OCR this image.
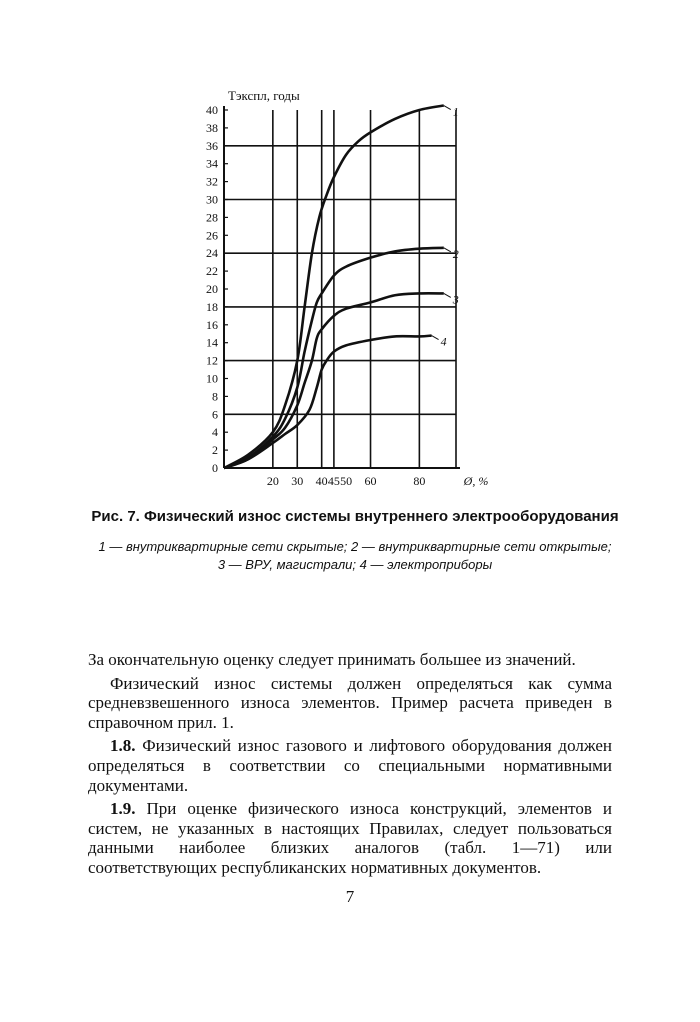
0
2
4
6
8
10
12
14
16
18
20
22
24
26
28
30
32
34
36
38
40
20 30 40 45 50 60	80	Ø, %
1
2
3
4
Тэкспл, годы
Рис. 7. Физический износ системы внутреннего электрооборудования
1 — внутриквартирные сети скрытые; 2 — внутриквартирные сети открытые;
3 — ВРУ, магистрали; 4 — электроприборы

За окончательную оценку следует принимать большее из значений.

Физический износ системы должен определяться как сумма средневзвешенного износа элементов. Пример расчета приведен в справочном прил. 1.

1.8. Физический износ газового и лифтового оборудования должен определяться в соответствии со специальными нормативными документами.

1.9. При оценке физического износа конструкций, элементов и систем, не указанных в настоящих Правилах, следует пользоваться данными наиболее близких аналогов (табл. 1—71) или соответствующих республиканских нормативных документов.

7
